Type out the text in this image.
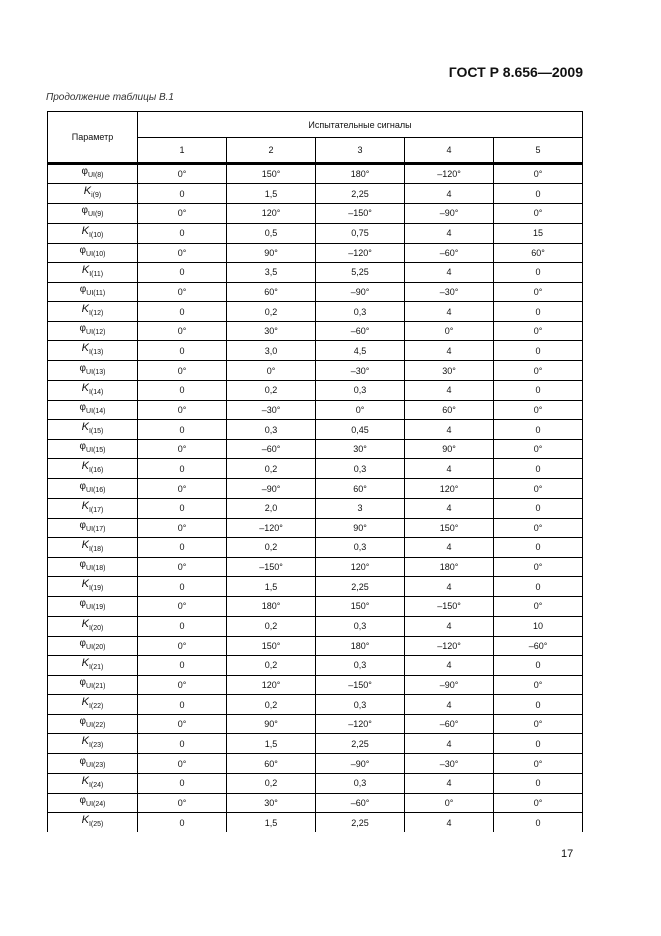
ГОСТ Р 8.656—2009
Продолжение таблицы В.1
Параметр	Испытательные сигналы				
	1	2	3	4	5
$\varphi_{UI(8)}$	0°	150°	180°	–120°	0°
$K_{i(9)}$	0	1,5	2,25	4	0
$\varphi_{UI(9)}$	0°	120°	–150°	–90°	0°
$K_{I(10)}$	0	0,5	0,75	4	15
$\varphi_{UI(10)}$	0°	90°	–120°	–60°	60°
$K_{I(11)}$	0	3,5	5,25	4	0
$\varphi_{UI(11)}$	0°	60°	–90°	–30°	0°
$K_{I(12)}$	0	0,2	0,3	4	0
$\varphi_{UI(12)}$	0°	30°	–60°	0°	0°
$K_{I(13)}$	0	3,0	4,5	4	0
$\varphi_{UI(13)}$	0°	0°	–30°	30°	0°
$K_{I(14)}$	0	0,2	0,3	4	0
$\varphi_{UI(14)}$	0°	–30°	0°	60°	0°
$K_{I(15)}$	0	0,3	0,45	4	0
$\varphi_{UI(15)}$	0°	–60°	30°	90°	0°
$K_{I(16)}$	0	0,2	0,3	4	0
$\varphi_{UI(16)}$	0°	–90°	60°	120°	0°
$K_{I(17)}$	0	2,0	3	4	0
$\varphi_{UI(17)}$	0°	–120°	90°	150°	0°
$K_{I(18)}$	0	0,2	0,3	4	0
$\varphi_{UI(18)}$	0°	–150°	120°	180°	0°
$K_{I(19)}$	0	1,5	2,25	4	0
$\varphi_{UI(19)}$	0°	180°	150°	–150°	0°
$K_{I(20)}$	0	0,2	0,3	4	10
$\varphi_{UI(20)}$	0°	150°	180°	–120°	–60°
$K_{I(21)}$	0	0,2	0,3	4	0
$\varphi_{UI(21)}$	0°	120°	–150°	–90°	0°
$K_{I(22)}$	0	0,2	0,3	4	0
$\varphi_{UI(22)}$	0°	90°	–120°	–60°	0°
$K_{I(23)}$	0	1,5	2,25	4	0
$\varphi_{UI(23)}$	0°	60°	–90°	–30°	0°
$K_{I(24)}$	0	0,2	0,3	4	0
$\varphi_{UI(24)}$	0°	30°	–60°	0°	0°
$K_{I(25)}$	0	1,5	2,25	4	0
17
